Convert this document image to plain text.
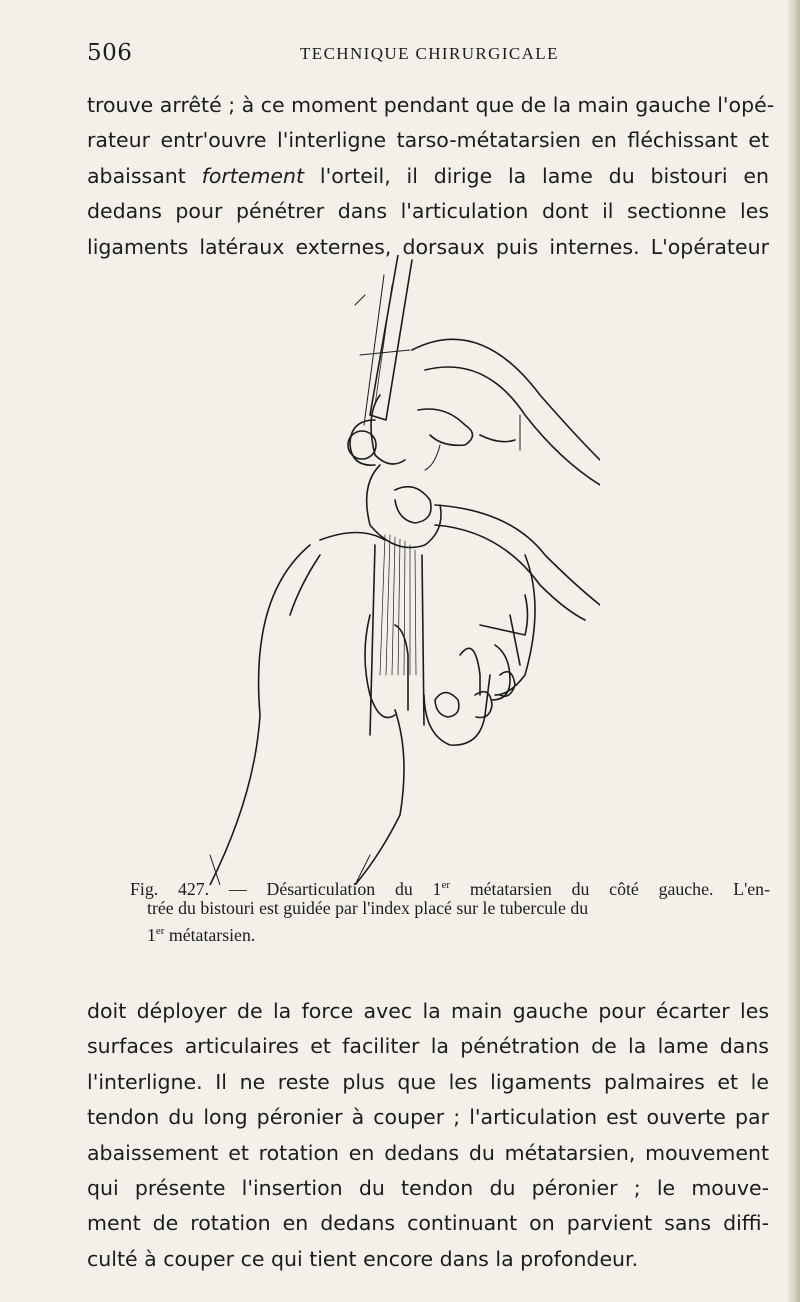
506	TECHNIQUE CHIRURGICALE
trouve arrêté ; à ce moment pendant que de la main gauche l'opé-
rateur entr'ouvre l'interligne tarso-métatarsien en fléchissant et
abaissant fortement l'orteil, il dirige la lame du bistouri en
dedans pour pénétrer dans l'articulation dont il sectionne les
ligaments latéraux externes, dorsaux puis internes. L'opérateur
Fig. 427. — Désarticulation du 1er métatarsien du côté gauche. L'en-
trée du bistouri est guidée par l'index placé sur le tubercule du
1er métatarsien.
doit déployer de la force avec la main gauche pour écarter les
surfaces articulaires et faciliter la pénétration de la lame dans
l'interligne. Il ne reste plus que les ligaments palmaires et le
tendon du long péronier à couper ; l'articulation est ouverte par
abaissement et rotation en dedans du métatarsien, mouvement
qui présente l'insertion du tendon du péronier ; le mouve-
ment de rotation en dedans continuant on parvient sans diffi-
culté à couper ce qui tient encore dans la profondeur.
